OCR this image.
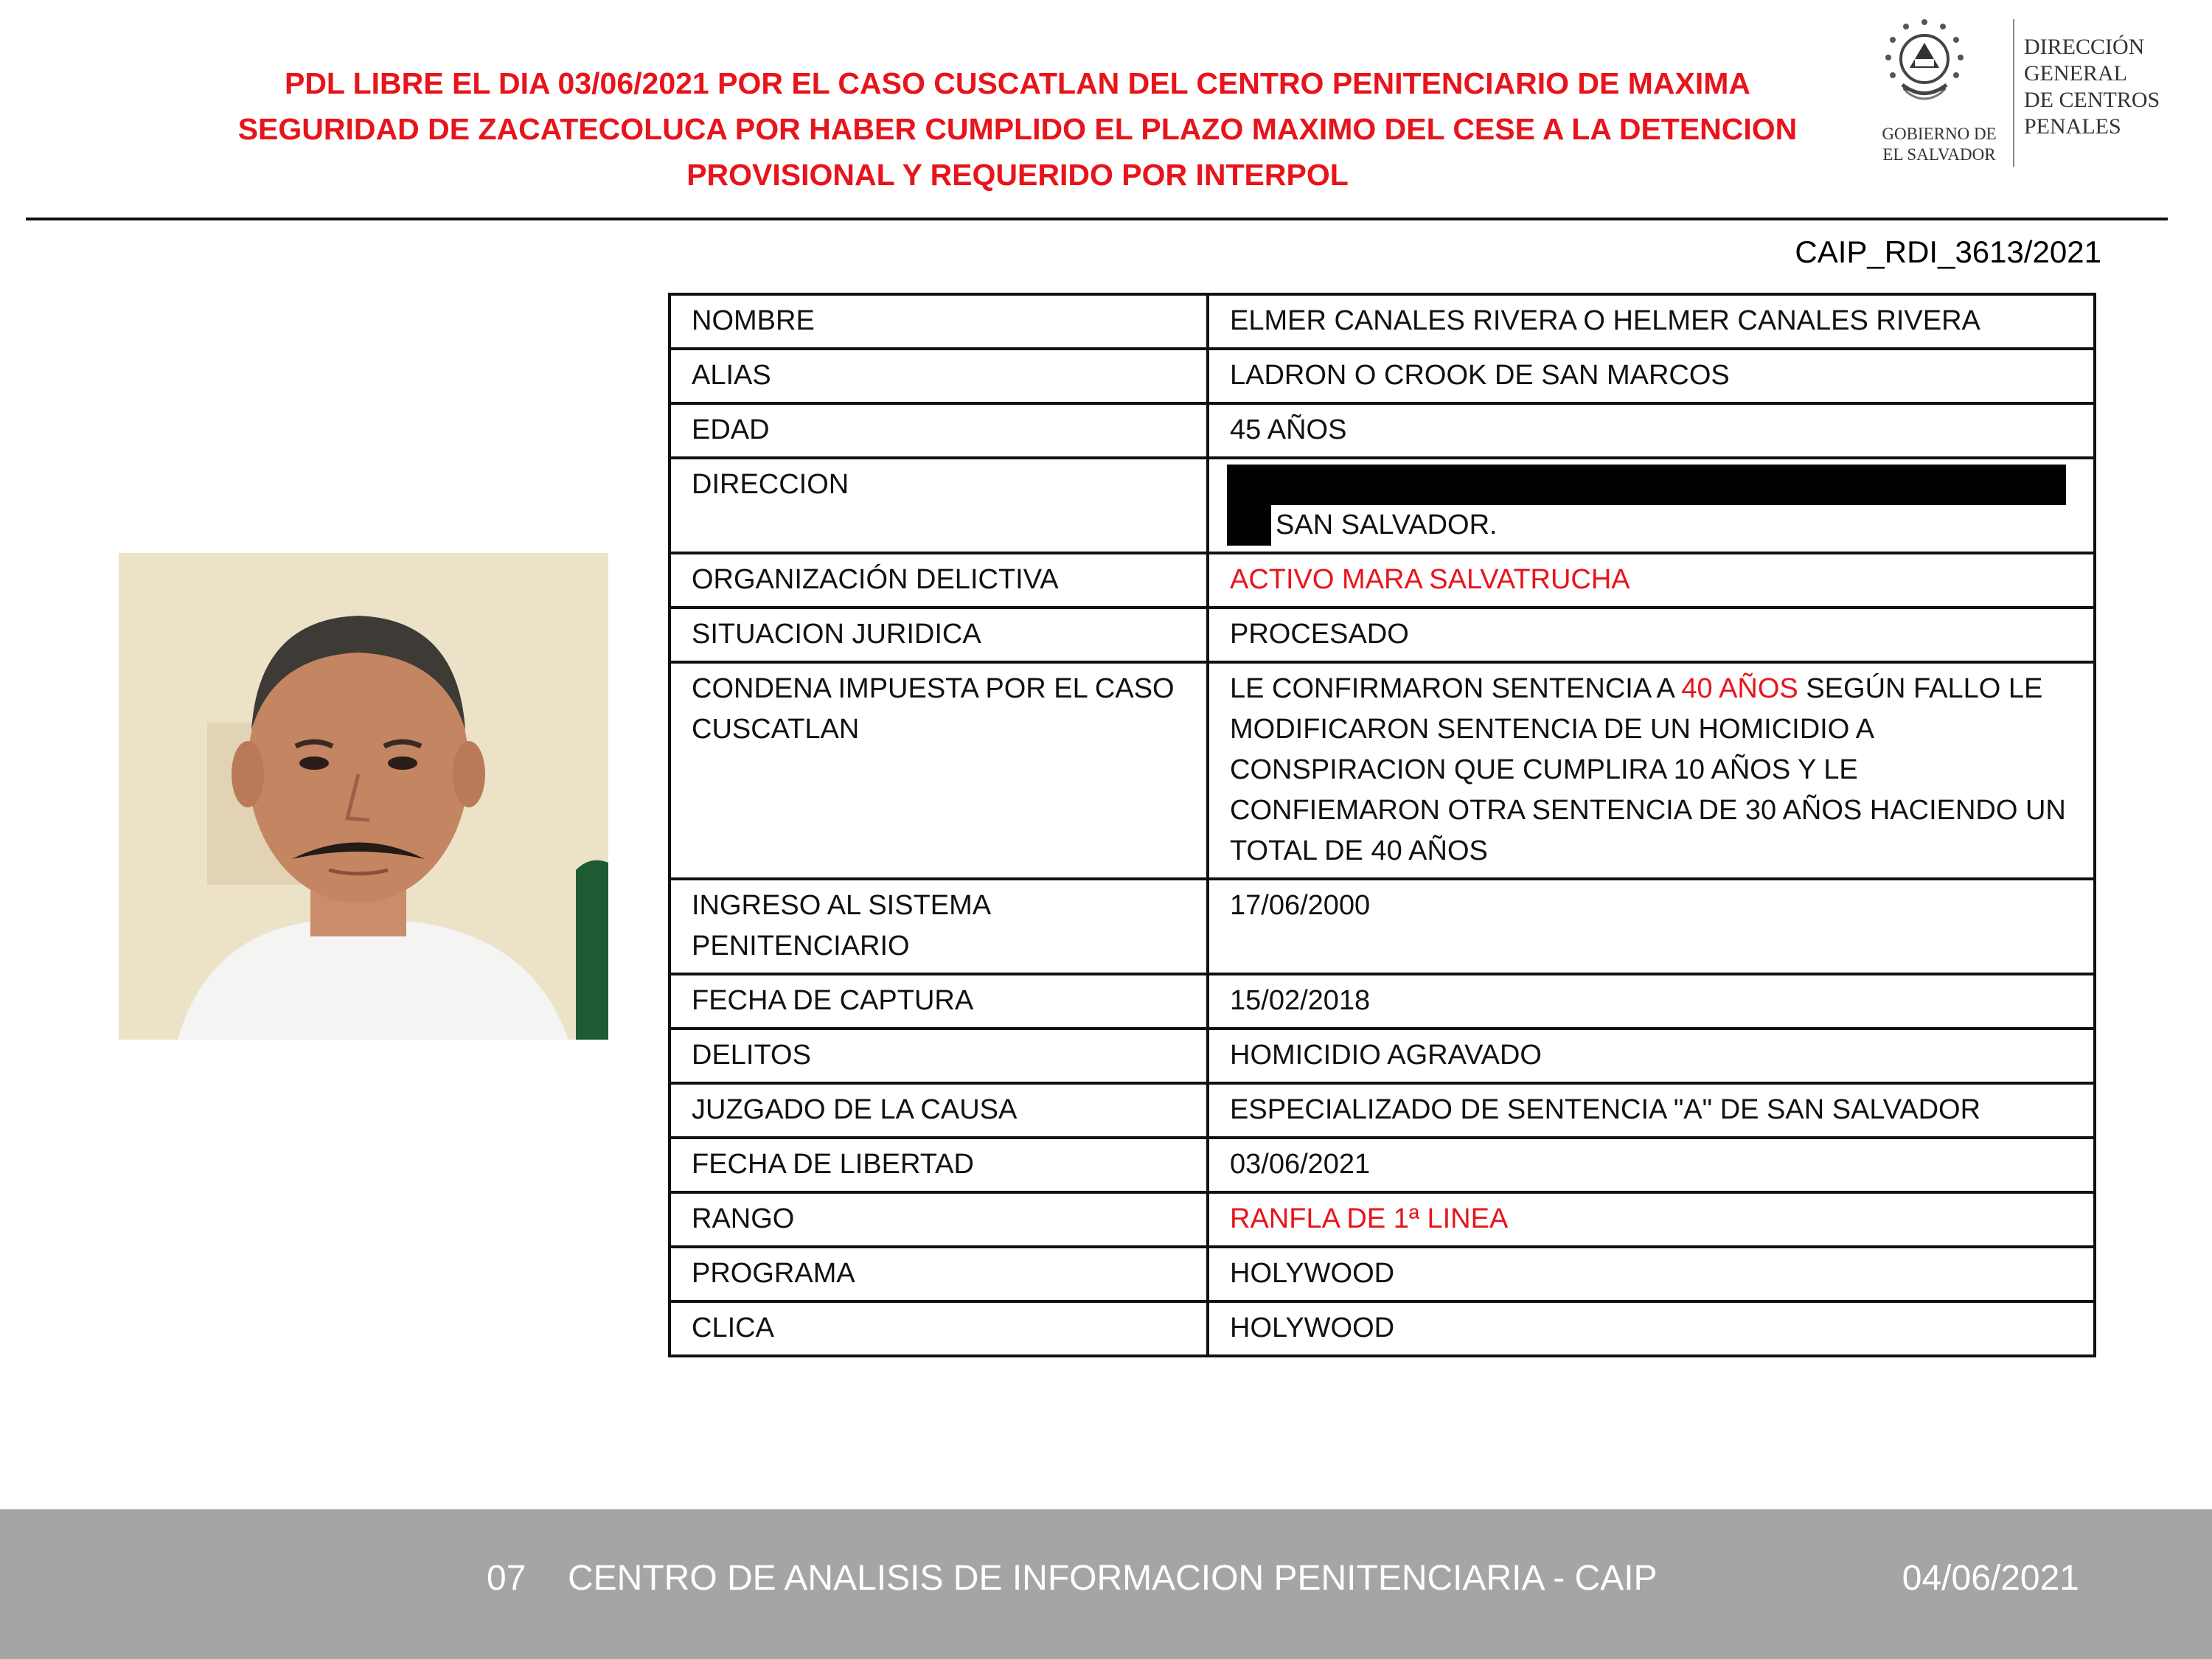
PDL LIBRE EL DIA 03/06/2021 POR EL CASO CUSCATLAN DEL CENTRO PENITENCIARIO DE MAXIMA
SEGURIDAD DE ZACATECOLUCA POR HABER CUMPLIDO EL PLAZO MAXIMO DEL CESE A LA DETENCION
PROVISIONAL Y REQUERIDO POR INTERPOL
GOBIERNO DE
EL SALVADOR
DIRECCIÓN
GENERAL
DE CENTROS
PENALES
CAIP_RDI_3613/2021
NOMBRE	ELMER CANALES RIVERA O HELMER CANALES RIVERA
ALIAS	LADRON O CROOK DE SAN MARCOS
EDAD	45 AÑOS
DIRECCION	SAN SALVADOR.

ORGANIZACIÓN DELICTIVA	ACTIVO MARA SALVATRUCHA
SITUACION JURIDICA	PROCESADO
CONDENA IMPUESTA POR EL CASO CUSCATLAN	LE CONFIRMARON SENTENCIA A 40 AÑOS SEGÚN FALLO LE MODIFICARON SENTENCIA DE UN HOMICIDIO A CONSPIRACION QUE CUMPLIRA 10 AÑOS Y LE CONFIEMARON OTRA SENTENCIA DE 30 AÑOS HACIENDO UN TOTAL DE 40 AÑOS
INGRESO AL SISTEMA PENITENCIARIO	17/06/2000
FECHA DE CAPTURA	15/02/2018
DELITOS	HOMICIDIO AGRAVADO
JUZGADO DE LA CAUSA	ESPECIALIZADO DE SENTENCIA "A" DE SAN SALVADOR
FECHA DE LIBERTAD	03/06/2021
RANGO	RANFLA DE 1ª LINEA
PROGRAMA	HOLYWOOD
CLICA	HOLYWOOD
07 CENTRO DE ANALISIS DE INFORMACION PENITENCIARIA - CAIP	04/06/2021
